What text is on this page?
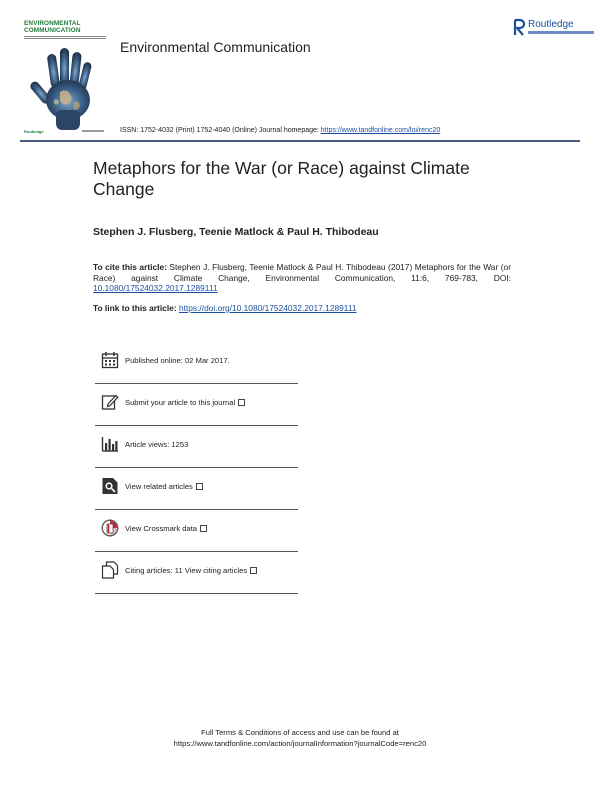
ENVIRONMENTAL
COMMUNICATION
Routledge
Environmental Communication
Routledge
ISSN: 1752-4032 (Print) 1752-4040 (Online) Journal homepage: https://www.tandfonline.com/loi/renc20
Metaphors for the War (or Race) against Climate Change
Stephen J. Flusberg, Teenie Matlock & Paul H. Thibodeau
To cite this article: Stephen J. Flusberg, Teenie Matlock & Paul H. Thibodeau (2017) Metaphors for the War (or Race) against Climate Change, Environmental Communication, 11:6, 769-783, DOI: 10.1080/17524032.2017.1289111
To link to this article: https://doi.org/10.1080/17524032.2017.1289111
Published online: 02 Mar 2017.
Submit your article to this journal
Article views: 1253
View related articles
View Crossmark data
Citing articles: 11 View citing articles
Full Terms & Conditions of access and use can be found at
https://www.tandfonline.com/action/journalInformation?journalCode=renc20
